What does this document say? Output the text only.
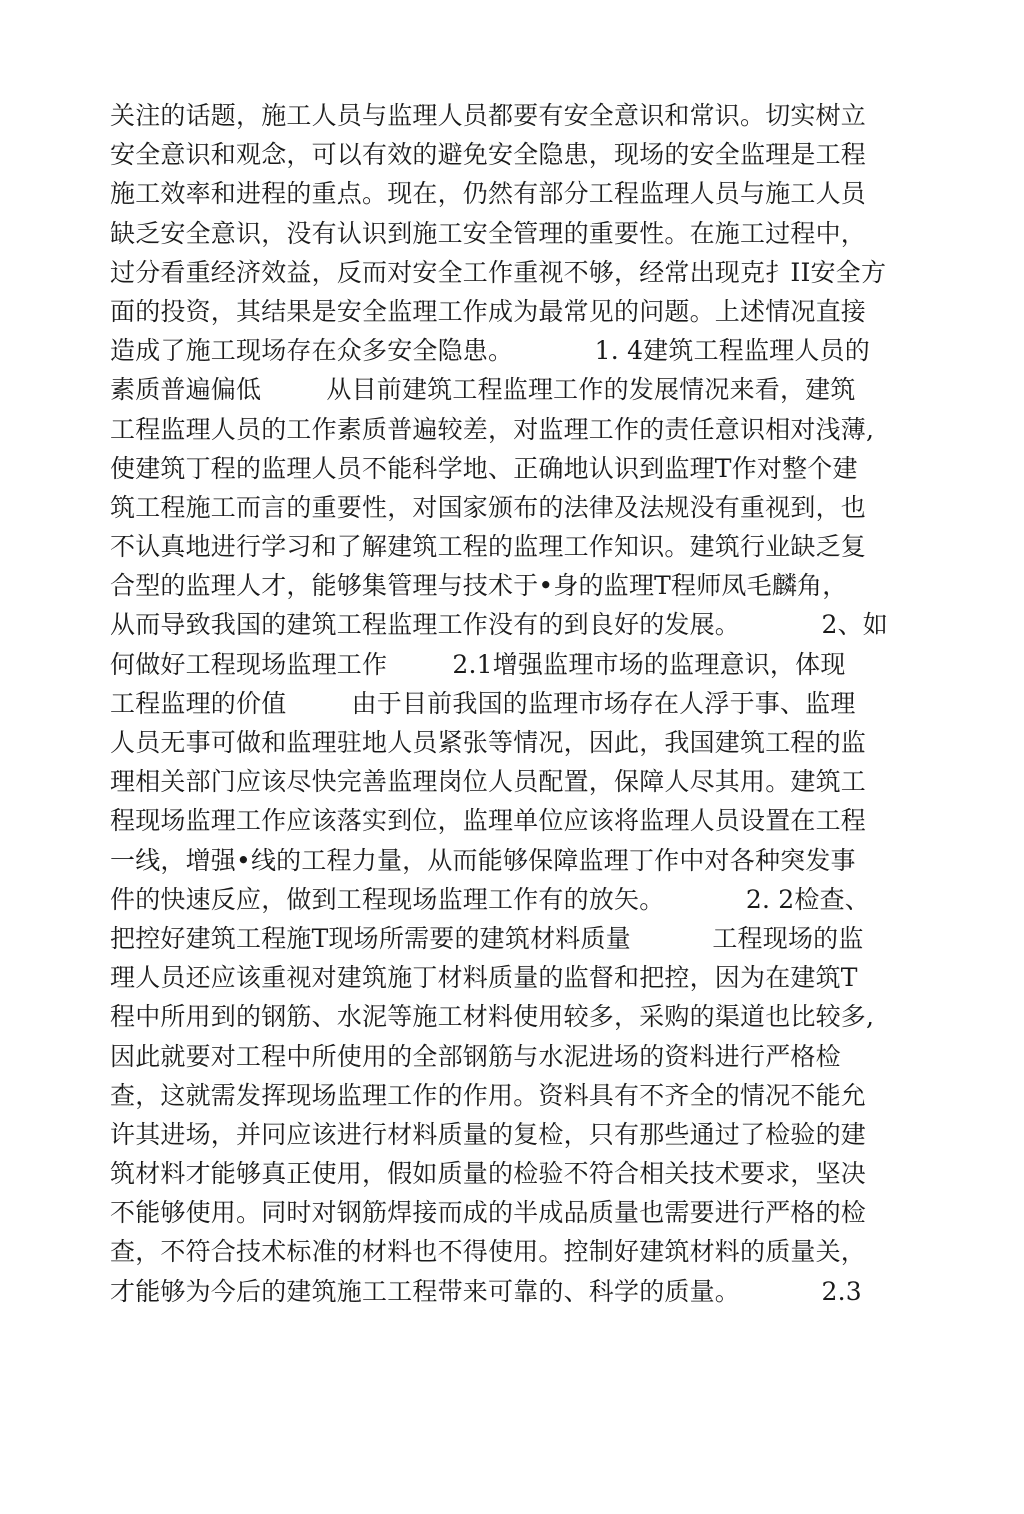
关注的话题，施工人员与监理人员都要有安全意识和常识。切实树立
安全意识和观念，可以有效的避免安全隐患，现场的安全监理是工程
施工效率和进程的重点。现在，仍然有部分工程监理人员与施工人员
缺乏安全意识，没有认识到施工安全管理的重要性。在施工过程中，
过分看重经济效益，反而对安全工作重视不够，经常出现克扌II安全方
面的投资，其结果是安全监理工作成为最常见的问题。上述情况直接
造成了施工现场存在众多安全隐患。          1. 4建筑工程监理人员的
素质普遍偏低        从目前建筑工程监理工作的发展情况来看，建筑
工程监理人员的工作素质普遍较差，对监理工作的责任意识相对浅薄,
使建筑丁程的监理人员不能科学地、正确地认识到监理T作对整个建
筑工程施工而言的重要性，对国家颁布的法律及法规没有重视到，也
不认真地进行学习和了解建筑工程的监理工作知识。建筑行业缺乏复
合型的监理人才，能够集管理与技术于•身的监理T程师凤毛麟角，
从而导致我国的建筑工程监理工作没有的到良好的发展。          2、如
何做好工程现场监理工作        2.1增强监理市场的监理意识，体现
工程监理的价值        由于目前我国的监理市场存在人浮于事、监理
人员无事可做和监理驻地人员紧张等情况，因此，我国建筑工程的监
理相关部门应该尽快完善监理岗位人员配置，保障人尽其用。建筑工
程现场监理工作应该落实到位，监理单位应该将监理人员设置在工程
一线，增强•线的工程力量，从而能够保障监理丁作中对各种突发事
件的快速反应，做到工程现场监理工作有的放矢。          2. 2检查、
把控好建筑工程施T现场所需要的建筑材料质量          工程现场的监
理人员还应该重视对建筑施丁材料质量的监督和把控，因为在建筑T
程中所用到的钢筋、水泥等施工材料使用较多，采购的渠道也比较多,
因此就要对工程中所使用的全部钢筋与水泥进场的资料进行严格检
查，这就需发挥现场监理工作的作用。资料具有不齐全的情况不能允
许其进场，并冋应该进行材料质量的复检，只有那些通过了检验的建
筑材料才能够真正使用，假如质量的检验不符合相关技术要求，坚决
不能够使用。同时对钢筋焊接而成的半成品质量也需要进行严格的检
查，不符合技术标准的材料也不得使用。控制好建筑材料的质量关，
才能够为今后的建筑施工工程带来可靠的、科学的质量。          2.3
